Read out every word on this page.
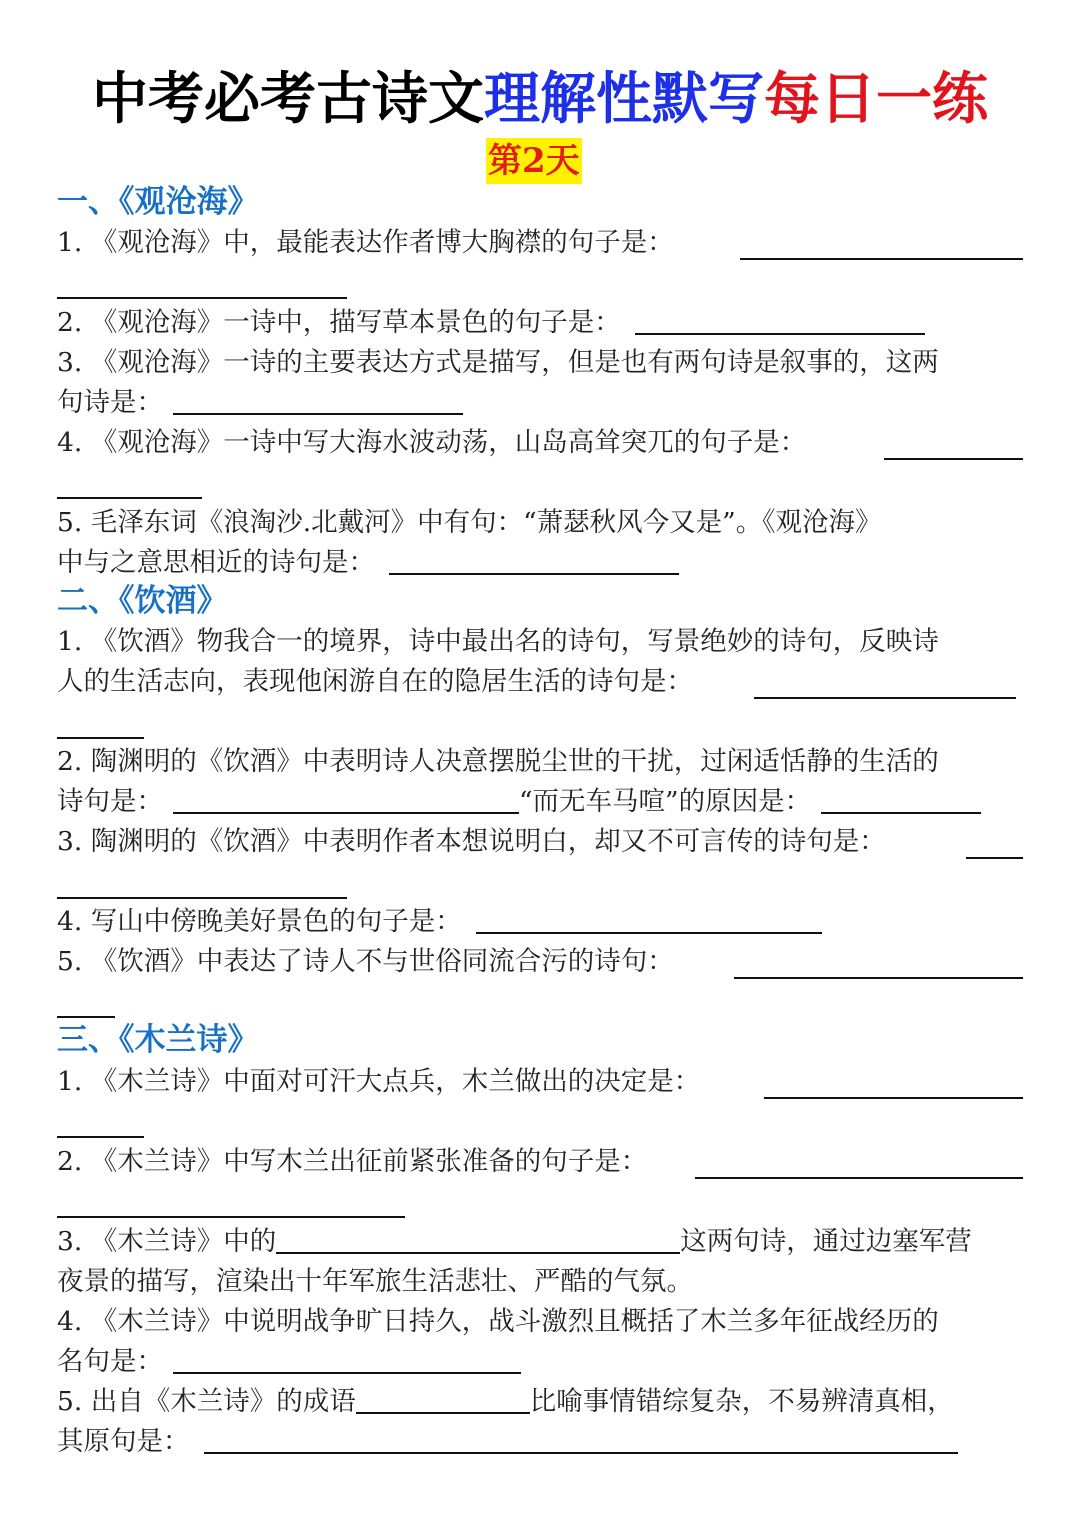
中考必考古诗文理解性默写每日一练
第2天
一、《观沧海》
1. 《观沧海》中，最能表达作者博大胸襟的句子是：
2. 《观沧海》一诗中，描写草本景色的句子是：
3. 《观沧海》一诗的主要表达方式是描写，但是也有两句诗是叙事的，这两
句诗是：
4. 《观沧海》一诗中写大海水波动荡，山岛高耸突兀的句子是：
5. 毛泽东词《浪淘沙.北戴河》中有句：“萧瑟秋风今又是”。《观沧海》
中与之意思相近的诗句是：
二、《饮酒》
1. 《饮酒》物我合一的境界，诗中最出名的诗句，写景绝妙的诗句，反映诗
人的生活志向，表现他闲游自在的隐居生活的诗句是：
2. 陶渊明的《饮酒》中表明诗人决意摆脱尘世的干扰，过闲适恬静的生活的
诗句是：	“而无车马喧”的原因是：
3. 陶渊明的《饮酒》中表明作者本想说明白，却又不可言传的诗句是：
4. 写山中傍晚美好景色的句子是：
5. 《饮酒》中表达了诗人不与世俗同流合污的诗句：
三、《木兰诗》
1. 《木兰诗》中面对可汗大点兵，木兰做出的决定是：
2. 《木兰诗》中写木兰出征前紧张准备的句子是：
3. 《木兰诗》中的	这两句诗，通过边塞军营
夜景的描写，渲染出十年军旅生活悲壮、严酷的气氛。
4. 《木兰诗》中说明战争旷日持久，战斗激烈且概括了木兰多年征战经历的
名句是：
5. 出自《木兰诗》的成语	比喻事情错综复杂，不易辨清真相，
其原句是：
